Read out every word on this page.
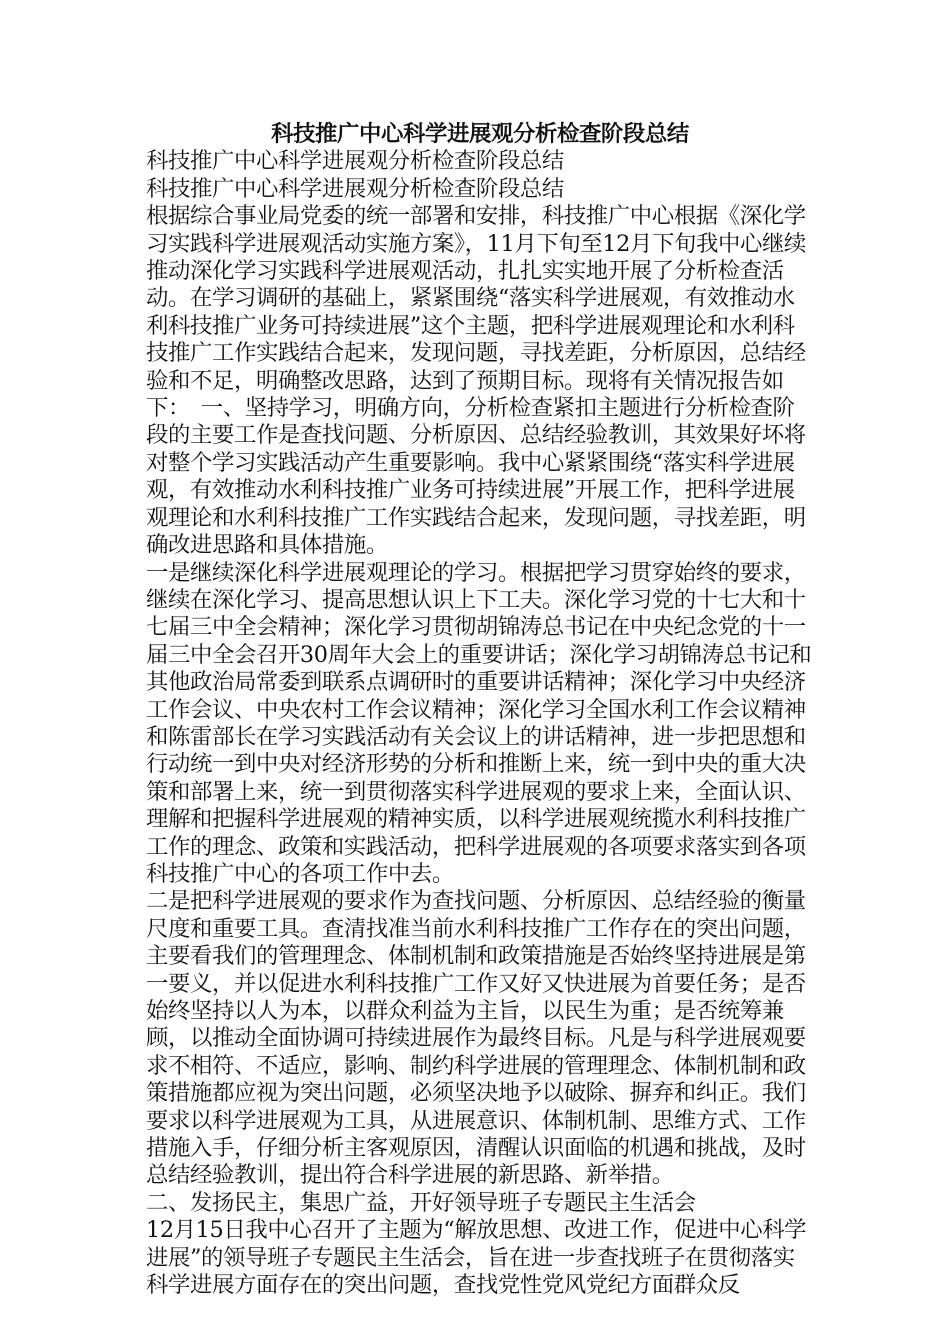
科技推广中心科学进展观分析检查阶段总结

科技推广中心科学进展观分析检查阶段总结

科技推广中心科学进展观分析检查阶段总结

根据综合事业局党委的统一部署和安排，科技推广中心根据《深化学习实践科学进展观活动实施方案》，11月下旬至12月下旬我中心继续推动深化学习实践科学进展观活动，扎扎实实地开展了分析检查活动。在学习调研的基础上，紧紧围绕“落实科学进展观，有效推动水利科技推广业务可持续进展”这个主题，把科学进展观理论和水利科技推广工作实践结合起来，发现问题，寻找差距，分析原因，总结经验和不足，明确整改思路，达到了预期目标。现将有关情况报告如下：　一、坚持学习，明确方向，分析检查紧扣主题进行分析检查阶段的主要工作是查找问题、分析原因、总结经验教训，其效果好坏将对整个学习实践活动产生重要影响。我中心紧紧围绕“落实科学进展观，有效推动水利科技推广业务可持续进展”开展工作，把科学进展观理论和水利科技推广工作实践结合起来，发现问题，寻找差距，明确改进思路和具体措施。

一是继续深化科学进展观理论的学习。根据把学习贯穿始终的要求，继续在深化学习、提高思想认识上下工夫。深化学习党的十七大和十七届三中全会精神；深化学习贯彻胡锦涛总书记在中央纪念党的十一届三中全会召开30周年大会上的重要讲话；深化学习胡锦涛总书记和其他政治局常委到联系点调研时的重要讲话精神；深化学习中央经济工作会议、中央农村工作会议精神；深化学习全国水利工作会议精神和陈雷部长在学习实践活动有关会议上的讲话精神，进一步把思想和行动统一到中央对经济形势的分析和推断上来，统一到中央的重大决策和部署上来，统一到贯彻落实科学进展观的要求上来，全面认识、理解和把握科学进展观的精神实质，以科学进展观统揽水利科技推广工作的理念、政策和实践活动，把科学进展观的各项要求落实到各项科技推广中心的各项工作中去。

二是把科学进展观的要求作为查找问题、分析原因、总结经验的衡量尺度和重要工具。查清找准当前水利科技推广工作存在的突出问题，主要看我们的管理理念、体制机制和政策措施是否始终坚持进展是第一要义，并以促进水利科技推广工作又好又快进展为首要任务；是否始终坚持以人为本，以群众利益为主旨，以民生为重；是否统筹兼顾，以推动全面协调可持续进展作为最终目标。凡是与科学进展观要求不相符、不适应，影响、制约科学进展的管理理念、体制机制和政策措施都应视为突出问题，必须坚决地予以破除、摒弃和纠正。我们要求以科学进展观为工具，从进展意识、体制机制、思维方式、工作措施入手，仔细分析主客观原因，清醒认识面临的机遇和挑战，及时总结经验教训，提出符合科学进展的新思路、新举措。

二、发扬民主，集思广益，开好领导班子专题民主生活会

12月15日我中心召开了主题为“解放思想、改进工作，促进中心科学进展”的领导班子专题民主生活会，旨在进一步查找班子在贯彻落实科学进展方面存在的突出问题，查找党性党风党纪方面群众反
